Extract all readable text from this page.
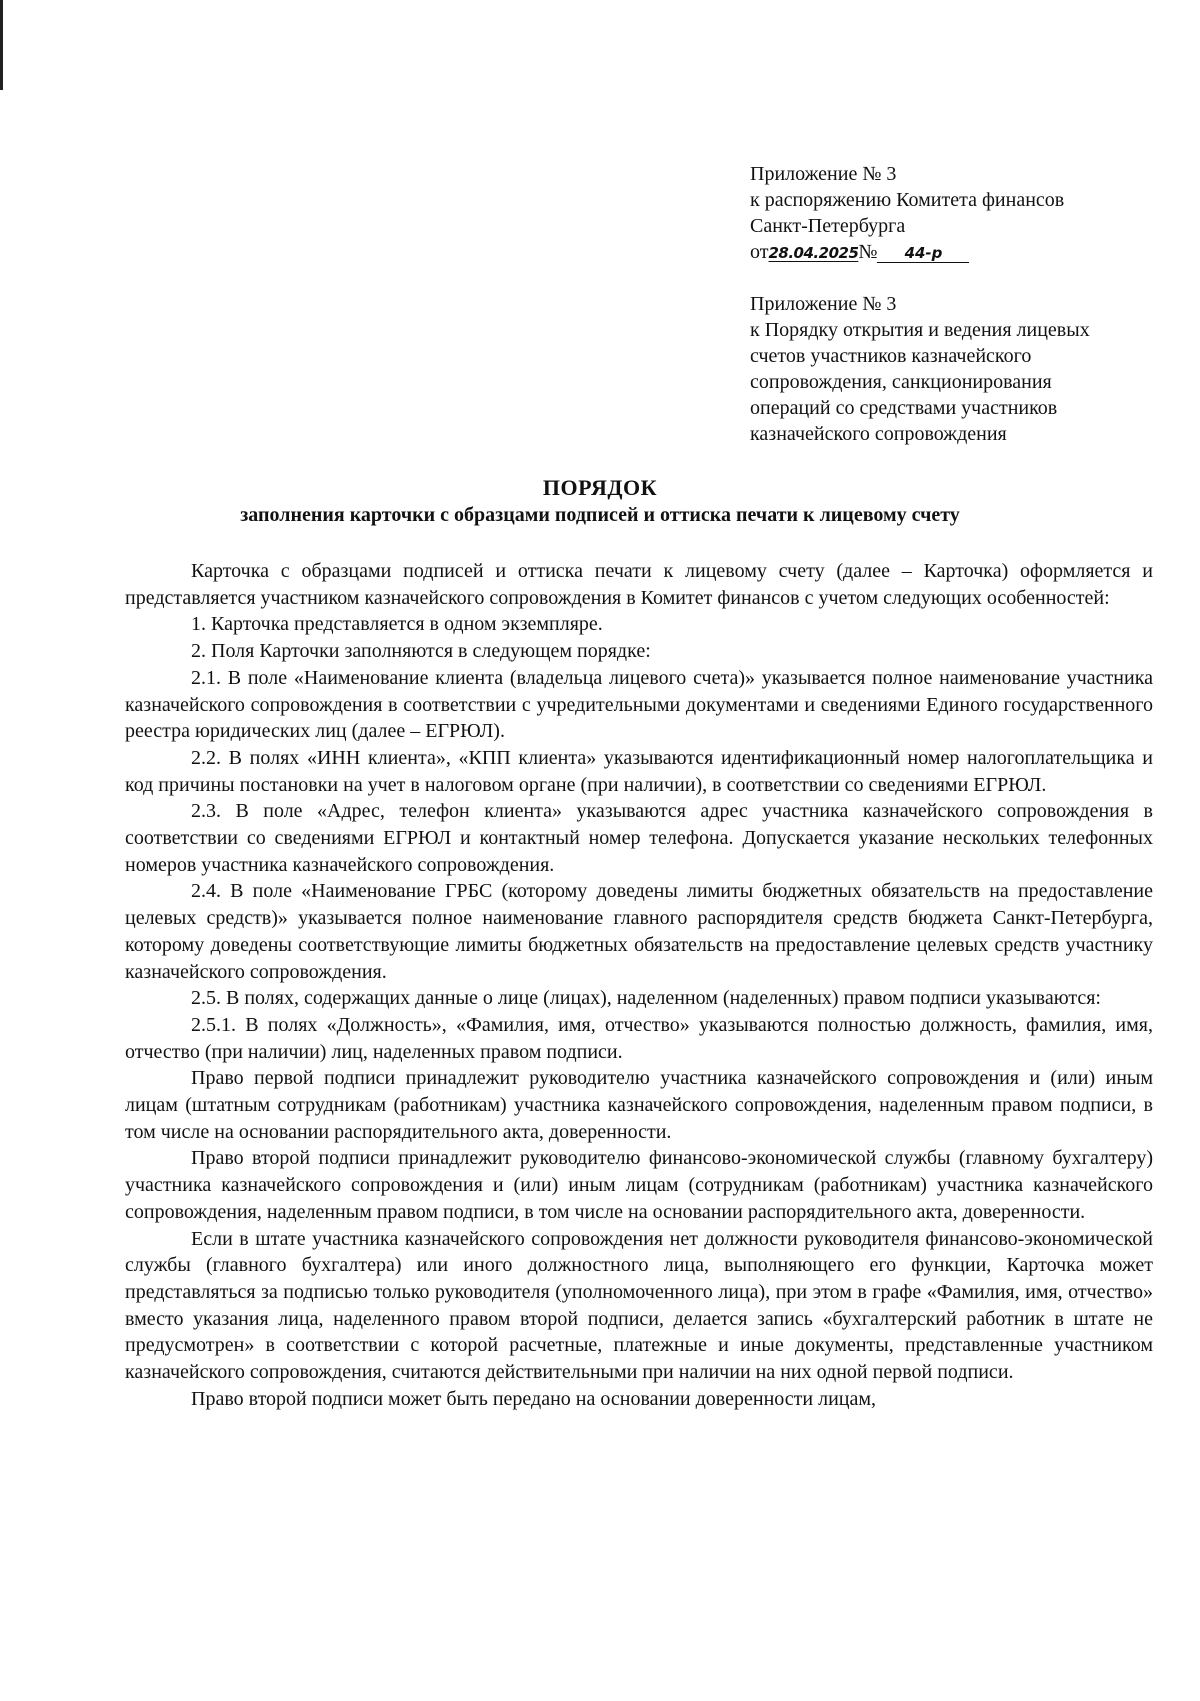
Приложение № 3
к распоряжению Комитета финансов
Санкт-Петербурга
от28.04.2025№ 44-р
Приложение № 3
к Порядку открытия и ведения лицевых
счетов участников казначейского
сопровождения, санкционирования
операций со средствами участников
казначейского сопровождения
ПОРЯДОК
заполнения карточки с образцами подписей и оттиска печати к лицевому счету

Карточка с образцами подписей и оттиска печати к лицевому счету (далее – Карточка) оформляется и представляется участником казначейского сопровождения в Комитет финансов с учетом следующих особенностей:

1. Карточка представляется в одном экземпляре.

2. Поля Карточки заполняются в следующем порядке:

2.1. В поле «Наименование клиента (владельца лицевого счета)» указывается полное наименование участника казначейского сопровождения в соответствии с учредительными документами и сведениями Единого государственного реестра юридических лиц (далее – ЕГРЮЛ).

2.2. В полях «ИНН клиента», «КПП клиента» указываются идентификационный номер налогоплательщика и код причины постановки на учет в налоговом органе (при наличии), в соответствии со сведениями ЕГРЮЛ.

2.3. В поле «Адрес, телефон клиента» указываются адрес участника казначейского сопровождения в соответствии со сведениями ЕГРЮЛ и контактный номер телефона. Допускается указание нескольких телефонных номеров участника казначейского сопровождения.

2.4. В поле «Наименование ГРБС (которому доведены лимиты бюджетных обязательств на предоставление целевых средств)» указывается полное наименование главного распорядителя средств бюджета Санкт-Петербурга, которому доведены соответствующие лимиты бюджетных обязательств на предоставление целевых средств участнику казначейского сопровождения.

2.5. В полях, содержащих данные о лице (лицах), наделенном (наделенных) правом подписи указываются:

2.5.1. В полях «Должность», «Фамилия, имя, отчество» указываются полностью должность, фамилия, имя, отчество (при наличии) лиц, наделенных правом подписи.

Право первой подписи принадлежит руководителю участника казначейского сопровождения и (или) иным лицам (штатным сотрудникам (работникам) участника казначейского сопровождения, наделенным правом подписи, в том числе на основании распорядительного акта, доверенности.

Право второй подписи принадлежит руководителю финансово-экономической службы (главному бухгалтеру) участника казначейского сопровождения и (или) иным лицам (сотрудникам (работникам) участника казначейского сопровождения, наделенным правом подписи, в том числе на основании распорядительного акта, доверенности.

Если в штате участника казначейского сопровождения нет должности руководителя финансово-экономической службы (главного бухгалтера) или иного должностного лица, выполняющего его функции, Карточка может представляться за подписью только руководителя (уполномоченного лица), при этом в графе «Фамилия, имя, отчество» вместо указания лица, наделенного правом второй подписи, делается запись «бухгалтерский работник в штате не предусмотрен» в соответствии с которой расчетные, платежные и иные документы, представленные участником казначейского сопровождения, считаются действительными при наличии на них одной первой подписи.

Право второй подписи может быть передано на основании доверенности лицам,
